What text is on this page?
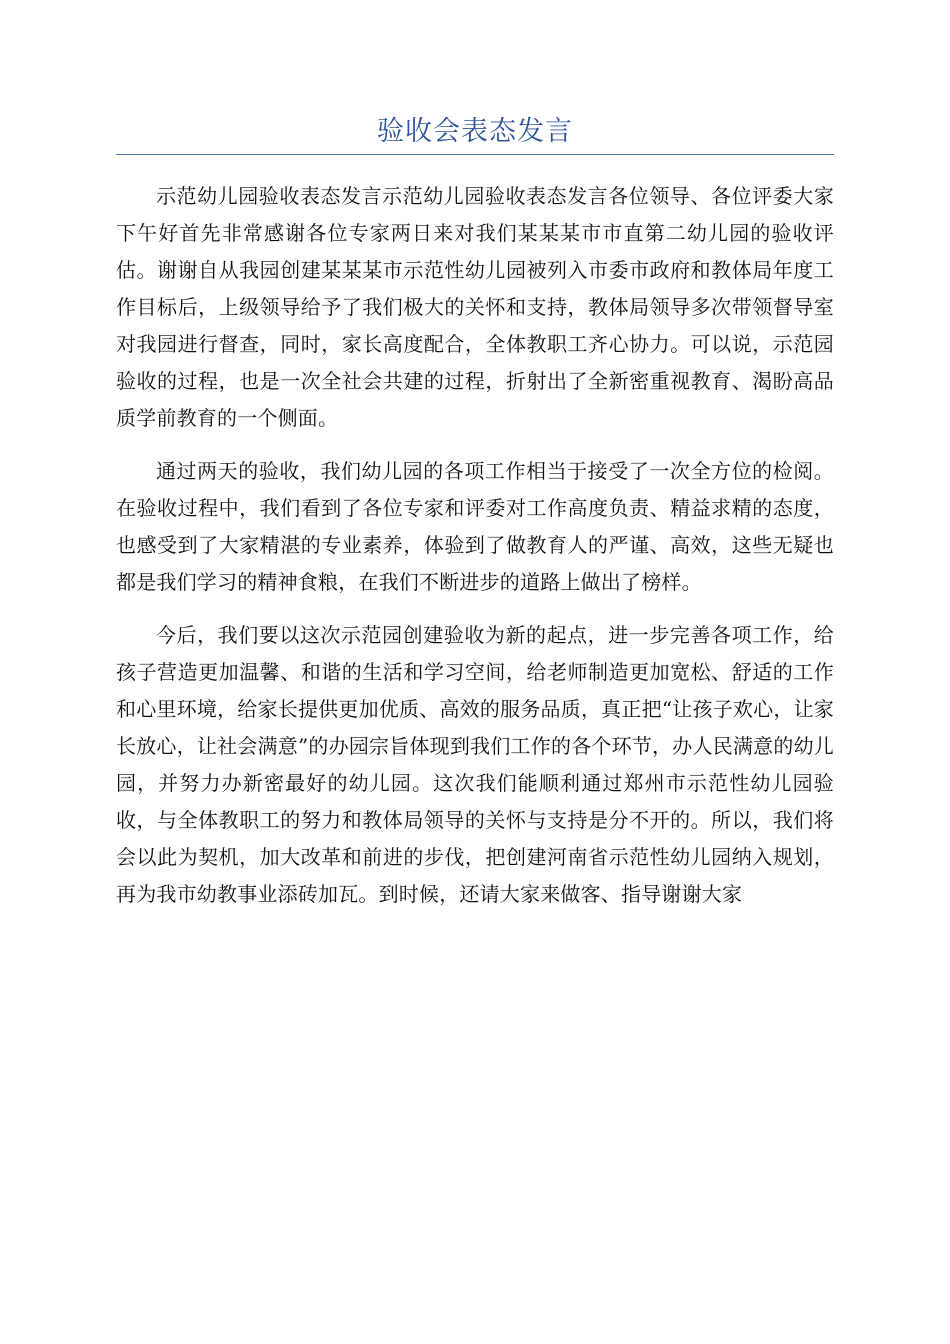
验收会表态发言

示范幼儿园验收表态发言示范幼儿园验收表态发言各位领导、各位评委大家下午好首先非常感谢各位专家两日来对我们某某某市市直第二幼儿园的验收评估。谢谢自从我园创建某某某市示范性幼儿园被列入市委市政府和教体局年度工作目标后，上级领导给予了我们极大的关怀和支持，教体局领导多次带领督导室对我园进行督查，同时，家长高度配合，全体教职工齐心协力。可以说，示范园验收的过程，也是一次全社会共建的过程，折射出了全新密重视教育、渴盼高品质学前教育的一个侧面。

通过两天的验收，我们幼儿园的各项工作相当于接受了一次全方位的检阅。在验收过程中，我们看到了各位专家和评委对工作高度负责、精益求精的态度，也感受到了大家精湛的专业素养，体验到了做教育人的严谨、高效，这些无疑也都是我们学习的精神食粮，在我们不断进步的道路上做出了榜样。

今后，我们要以这次示范园创建验收为新的起点，进一步完善各项工作，给孩子营造更加温馨、和谐的生活和学习空间，给老师制造更加宽松、舒适的工作和心里环境，给家长提供更加优质、高效的服务品质，真正把“让孩子欢心，让家长放心，让社会满意”的办园宗旨体现到我们工作的各个环节，办人民满意的幼儿园，并努力办新密最好的幼儿园。这次我们能顺利通过郑州市示范性幼儿园验收，与全体教职工的努力和教体局领导的关怀与支持是分不开的。所以，我们将会以此为契机，加大改革和前进的步伐，把创建河南省示范性幼儿园纳入规划，再为我市幼教事业添砖加瓦。到时候，还请大家来做客、指导谢谢大家
